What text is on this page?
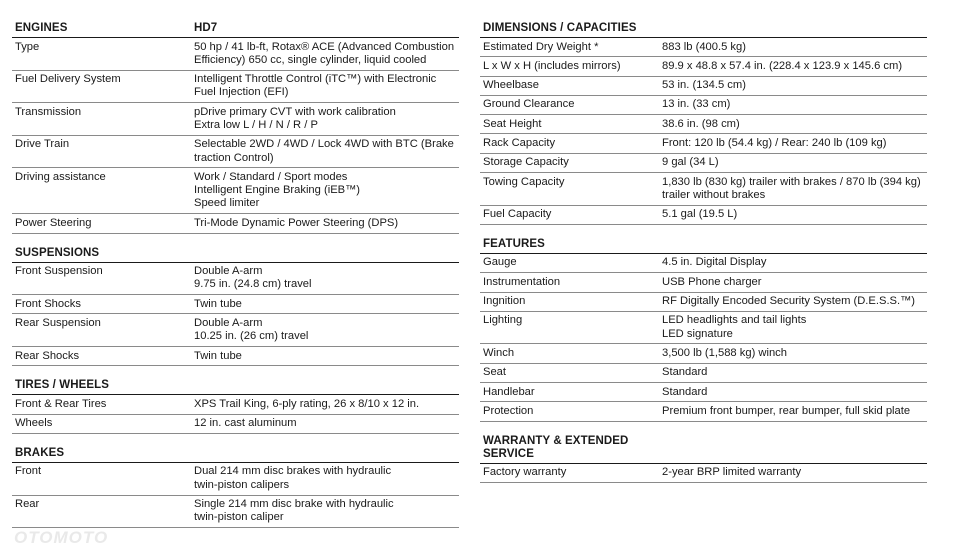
ENGINES	HD7
Type	50 hp / 41 lb-ft, Rotax® ACE (Advanced Combustion
Efficiency) 650 cc, single cylinder, liquid cooled
Fuel Delivery System	Intelligent Throttle Control (iTC™) with Electronic
Fuel Injection (EFI)
Transmission	pDrive primary CVT with work calibration
Extra low L / H / N / R / P
Drive Train	Selectable 2WD / 4WD / Lock 4WD with BTC (Brake
traction Control)
Driving assistance	Work / Standard / Sport modes
Intelligent Engine Braking (iEB™)
Speed limiter
Power Steering	Tri-Mode Dynamic Power Steering (DPS)
SUSPENSIONS
Front Suspension	Double A-arm
9.75 in. (24.8 cm) travel
Front Shocks	Twin tube
Rear Suspension	Double A-arm
10.25 in. (26 cm) travel
Rear Shocks	Twin tube
TIRES / WHEELS
Front & Rear Tires	XPS Trail King, 6-ply rating, 26 x 8/10 x 12 in.
Wheels	12 in. cast aluminum
BRAKES
Front	Dual 214 mm disc brakes with hydraulic
twin-piston calipers
Rear	Single 214 mm disc brake with hydraulic
twin-piston caliper
DIMENSIONS / CAPACITIES
Estimated Dry Weight *	883 lb (400.5 kg)
L x W x H (includes mirrors)	89.9 x 48.8 x 57.4 in. (228.4 x 123.9 x 145.6 cm)
Wheelbase	53 in. (134.5 cm)
Ground Clearance	13 in. (33 cm)
Seat Height	38.6 in. (98 cm)
Rack Capacity	Front: 120 lb (54.4 kg) / Rear: 240 lb (109 kg)
Storage Capacity	9 gal (34 L)
Towing Capacity	1,830 lb (830 kg) trailer with brakes / 870 lb (394 kg)
trailer without brakes
Fuel Capacity	5.1 gal (19.5 L)
FEATURES
Gauge	4.5 in. Digital Display
Instrumentation	USB Phone charger
Ingnition	RF Digitally Encoded Security System (D.E.S.S.™)
Lighting	LED headlights and tail lights
LED signature
Winch	3,500 lb (1,588 kg) winch
Seat	Standard
Handlebar	Standard
Protection	Premium front bumper, rear bumper, full skid plate
WARRANTY & EXTENDED SERVICE
Factory warranty	2-year BRP limited warranty
OTOMOTO
